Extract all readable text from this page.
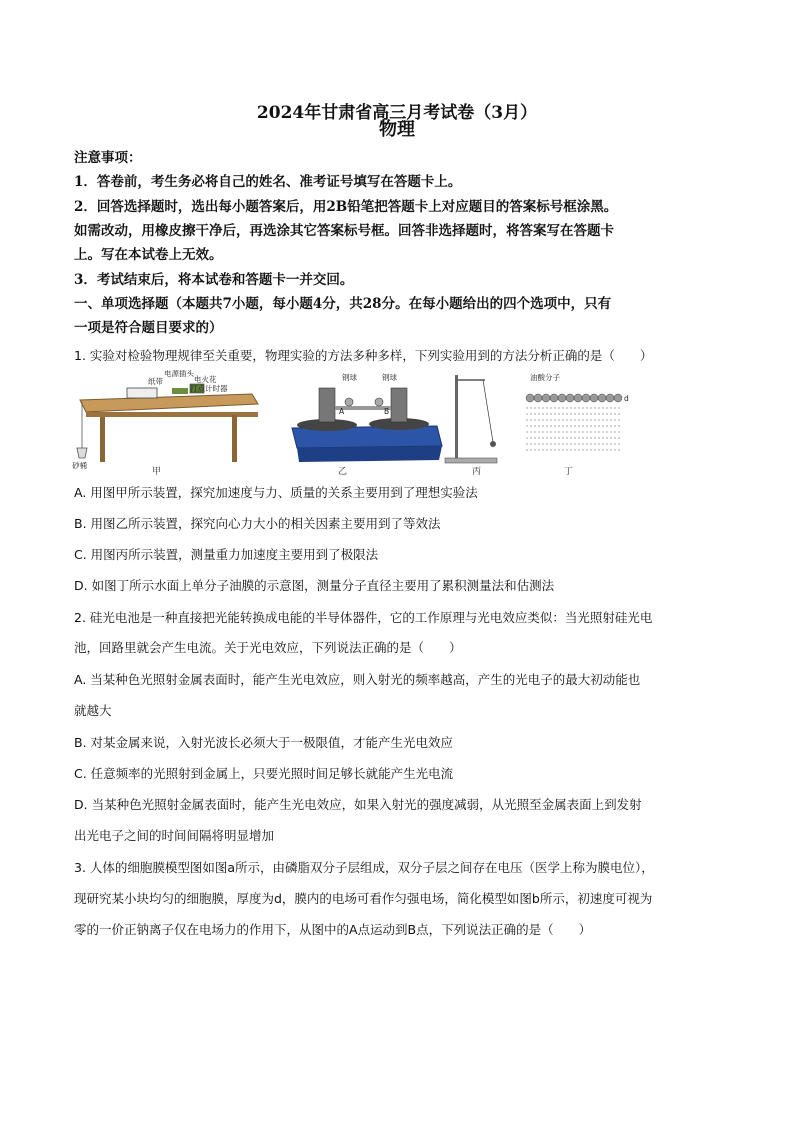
2024年甘肃省高三月考试卷（3月）
物理
注意事项：
1．答卷前，考生务必将自己的姓名、准考证号填写在答题卡上。
2．回答选择题时，选出每小题答案后，用2B铅笔把答题卡上对应题目的答案标号框涂黑。
如需改动，用橡皮擦干净后，再选涂其它答案标号框。回答非选择题时，将答案写在答题卡
上。写在本试卷上无效。
3．考试结束后，将本试卷和答题卡一并交回。
一、单项选择题（本题共7小题，每小题4分，共28分。在每小题给出的四个选项中，只有
一项是符合题目要求的）
1. 实验对检验物理规律至关重要，物理实验的方法多种多样，下列实验用到的方法分析正确的是（　　）
电源插头
纸带	电火花
打点计时器
砂桶
钢球	钢球
A	B
油酸分子
d
甲	乙	丙	丁
A. 用图甲所示装置，探究加速度与力、质量的关系主要用到了理想实验法
B. 用图乙所示装置，探究向心力大小的相关因素主要用到了等效法
C. 用图丙所示装置，测量重力加速度主要用到了极限法
D. 如图丁所示水面上单分子油膜的示意图，测量分子直径主要用了累积测量法和估测法
2. 硅光电池是一种直接把光能转换成电能的半导体器件，它的工作原理与光电效应类似：当光照射硅光电
池，回路里就会产生电流。关于光电效应，下列说法正确的是（　　）
A. 当某种色光照射金属表面时，能产生光电效应，则入射光的频率越高，产生的光电子的最大初动能也
就越大
B. 对某金属来说，入射光波长必须大于一极限值，才能产生光电效应
C. 任意频率的光照射到金属上，只要光照时间足够长就能产生光电流
D. 当某种色光照射金属表面时，能产生光电效应，如果入射光的强度减弱，从光照至金属表面上到发射
出光电子之间的时间间隔将明显增加
3. 人体的细胞膜模型图如图a所示，由磷脂双分子层组成，双分子层之间存在电压（医学上称为膜电位），
现研究某小块均匀的细胞膜，厚度为d，膜内的电场可看作匀强电场，简化模型如图b所示，初速度可视为
零的一价正钠离子仅在电场力的作用下，从图中的A点运动到B点，下列说法正确的是（　　）
